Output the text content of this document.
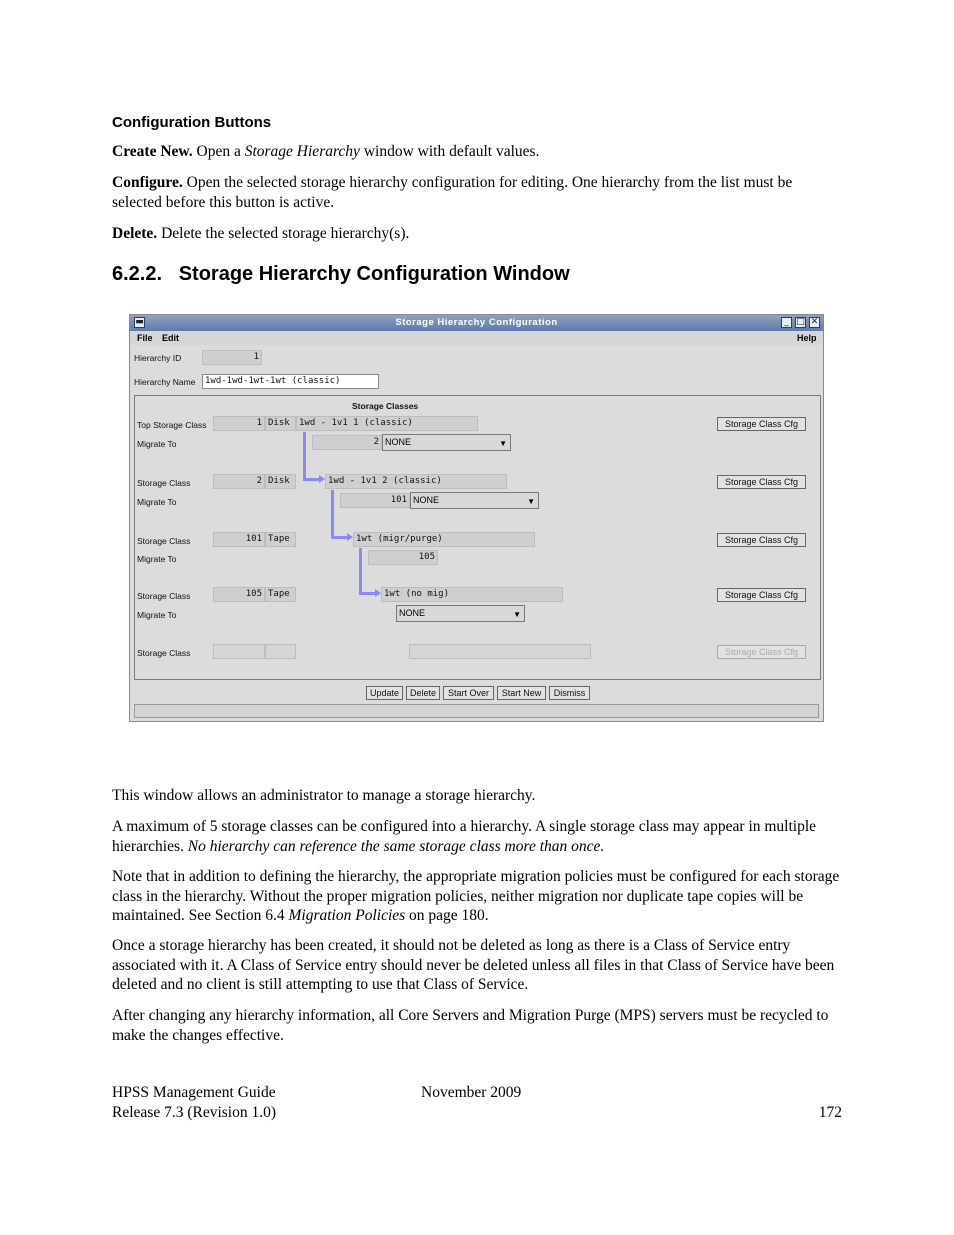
Configuration Buttons
Create New. Open a Storage Hierarchy window with default values.
Configure. Open the selected storage hierarchy configuration for editing. One hierarchy from the list must be selected before this button is active.
Delete. Delete the selected storage hierarchy(s).
6.2.2.   Storage Hierarchy Configuration Window
▬	Storage Hierarchy Configuration	_ □ ✕
File Edit	Help
Hierarchy ID	1
Hierarchy Name	1wd-1wd-1wt-1wt (classic)
Storage Classes
Top Storage Class	1 Disk	1wd - 1v1 1 (classic)	Storage Class Cfg
Migrate To	2 NONE	▼
Storage Class	2 Disk	1wd - 1v1 2 (classic)	Storage Class Cfg
Migrate To	101 NONE	▼
Storage Class	101 Tape	1wt (migr/purge)	Storage Class Cfg
Migrate To	105
Storage Class	105 Tape	1wt (no mig)	Storage Class Cfg
Migrate To	NONE	▼
Storage Class	Storage Class Cfg
Update	Delete	Start Over	Start New	Dismiss
This window allows an administrator to manage a storage hierarchy.
A maximum of 5 storage classes can be configured into a hierarchy. A single storage class may appear in multiple hierarchies. No hierarchy can reference the same storage class more than once.
Note that in addition to defining the hierarchy, the appropriate migration policies must be configured for each storage class in the hierarchy. Without the proper migration policies, neither migration nor duplicate tape copies will be maintained. See Section 6.4 Migration Policies on page 180.
Once a storage hierarchy has been created, it should not be deleted as long as there is a Class of Service entry associated with it. A Class of Service entry should never be deleted unless all files in that Class of Service have been deleted and no client is still attempting to use that Class of Service.
After changing any hierarchy information, all Core Servers and Migration Purge (MPS) servers must be recycled to make the changes effective.
HPSS Management Guide
Release 7.3 (Revision 1.0)
November 2009
172
